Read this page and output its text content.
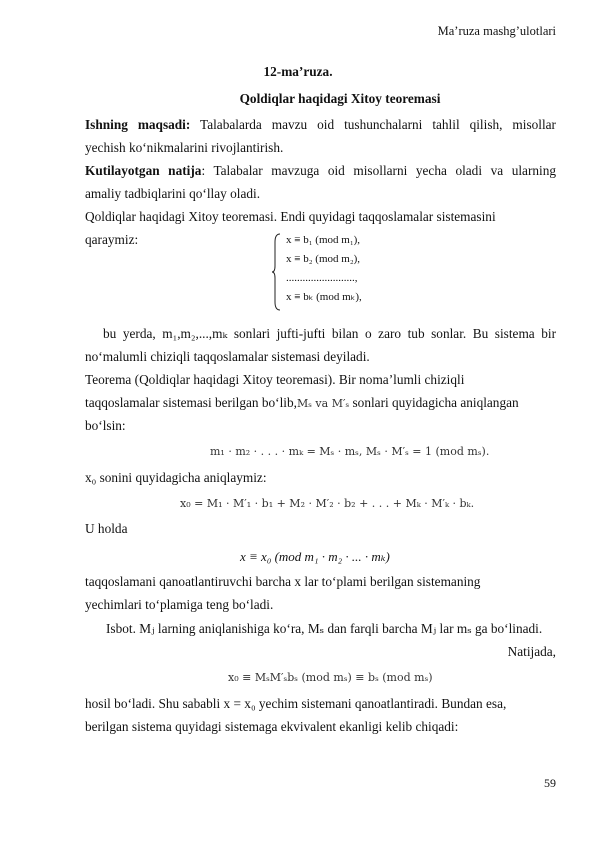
Ma’ruza mashg’ulotlari
12-ma’ruza.
Qoldiqlar haqidagi Xitoy teoremasi
Ishning maqsadi: Talabalarda mavzu oid tushunchalarni tahlil qilish, misollar
yechish ko‘nikmalarini rivojlantirish.
Kutilayotgan natija: Talabalar mavzuga oid misollarni yecha oladi va ularning
amaliy tadbiqlarini qo‘llay oladi.
Qoldiqlar haqidagi Xitoy teoremasi. Endi quyidagi taqqoslamalar sistemasini
qaraymiz:	x ≡ b₁ (mod m₁),
x ≡ b₂ (mod m₂),
.........................,
x ≡ bₖ (mod mₖ),
bu yerda, m₁,m₂,...,mₖ sonlari jufti-jufti bilan o zaro tub sonlar. Bu sistema bir
no‘malumli chiziqli taqqoslamalar sistemasi deyiladi.
Teorema (Qoldiqlar haqidagi Xitoy teoremasi). Bir noma’lumli chiziqli
taqqoslamalar sistemasi berilgan bo‘lib,Mₛ va M′ₛ sonlari quyidagicha aniqlangan
bo‘lsin:
m₁ · m₂ · . . . · mₖ = Mₛ · mₛ, Mₛ · M′ₛ = 1 (mod mₛ).
x₀ sonini quyidagicha aniqlaymiz:
x₀ = M₁ · M′₁ · b₁ + M₂ · M′₂ · b₂ + . . . + Mₖ · M′ₖ · bₖ.
U holda
x ≡ x₀ (mod m₁ · m₂ · ... · mₖ)
taqqoslamani qanoatlantiruvchi barcha x lar to‘plami berilgan sistemaning
yechimlari to‘plamiga teng bo‘ladi.
Isbot. Mⱼ larning aniqlanishiga ko‘ra, Mₛ dan farqli barcha Mⱼ lar mₛ ga bo‘linadi.
Natijada,
x₀ ≡ MₛM′ₛbₛ (mod mₛ) ≡ bₛ (mod mₛ)
hosil bo‘ladi. Shu sababli x = x₀ yechim sistemani qanoatlantiradi. Bundan esa,
berilgan sistema quyidagi sistemaga ekvivalent ekanligi kelib chiqadi:
59
